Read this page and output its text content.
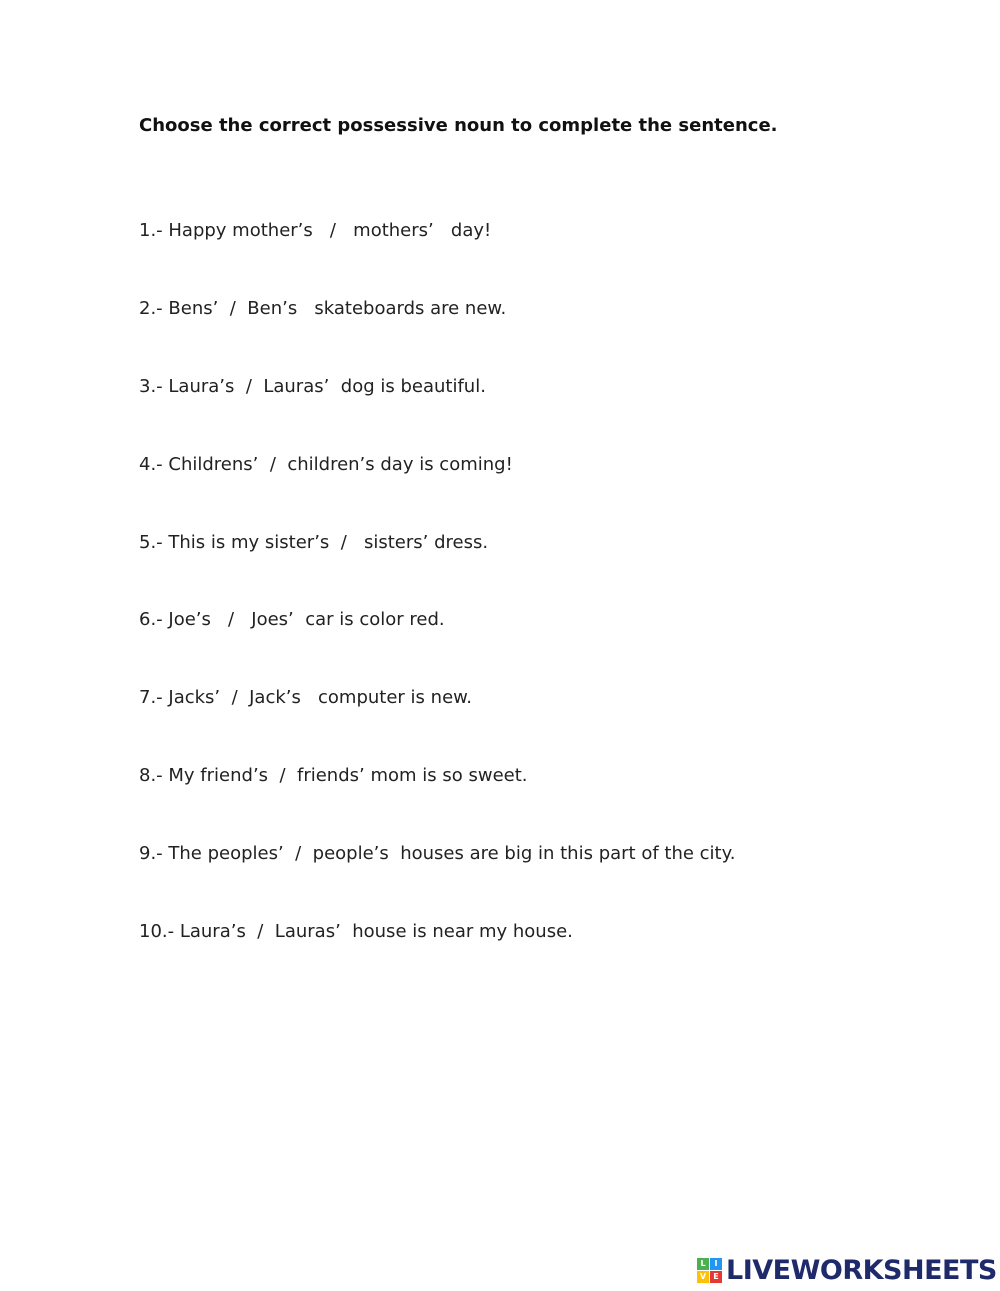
Choose the correct possessive noun to complete the sentence.
1.- Happy mother’s   /   mothers’   day!
2.- Bens’  /  Ben’s   skateboards are new.
3.- Laura’s  /  Lauras’  dog is beautiful.
4.- Childrens’  /  children’s day is coming!
5.- This is my sister’s  /   sisters’ dress.
6.- Joe’s   /   Joes’  car is color red.
7.- Jacks’  /  Jack’s   computer is new.
8.- My friend’s  /  friends’ mom is so sweet.
9.- The peoples’  /  people’s  houses are big in this part of the city.
10.- Laura’s  /  Lauras’  house is near my house.
L	I
V E LIVEWORKSHEETS
